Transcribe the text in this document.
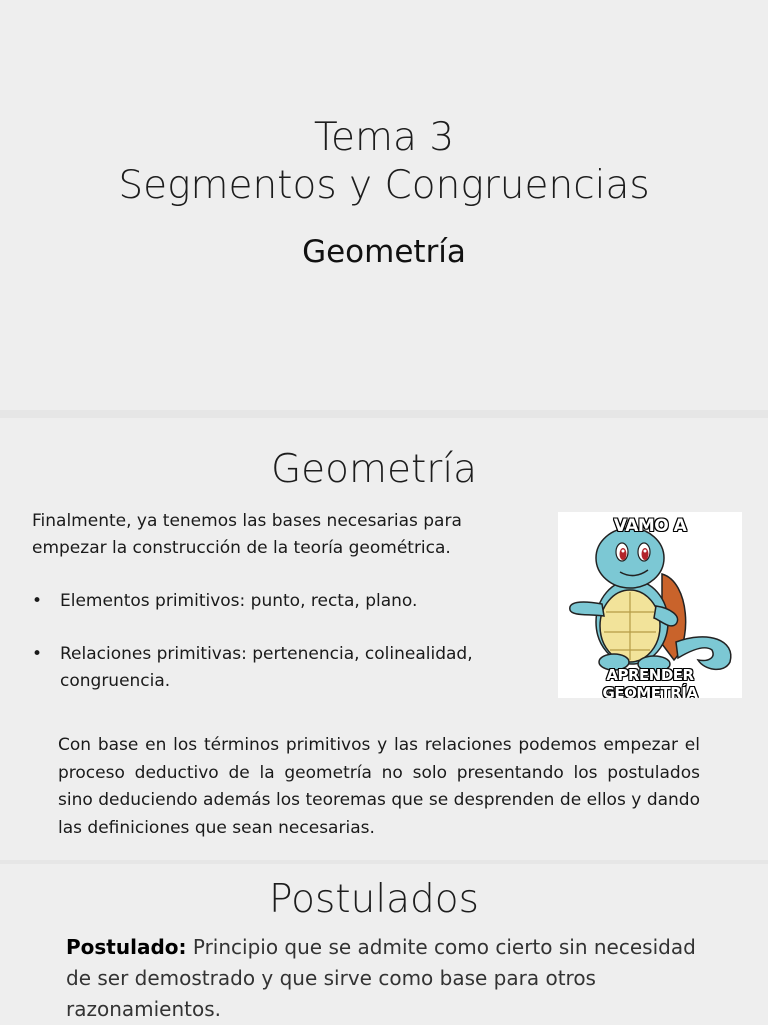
Tema 3
Segmentos y Congruencias
Geometría
Geometría

Finalmente, ya tenemos las bases necesarias para empezar la construcción de la teoría geométrica.

• Elementos primitivos: punto, recta, plano.
• Relaciones primitivas: pertenencia, colinealidad, congruencia.
VAMO A
APRENDER GEOMETRÍA

Con base en los términos primitivos y las relaciones podemos empezar el proceso deductivo de la geometría no solo presentando los postulados sino deduciendo además los teoremas que se desprenden de ellos y dando las definiciones que sean necesarias.

Postulados

Postulado: Principio que se admite como cierto sin necesidad de ser demostrado y que sirve como base para otros razonamientos.
